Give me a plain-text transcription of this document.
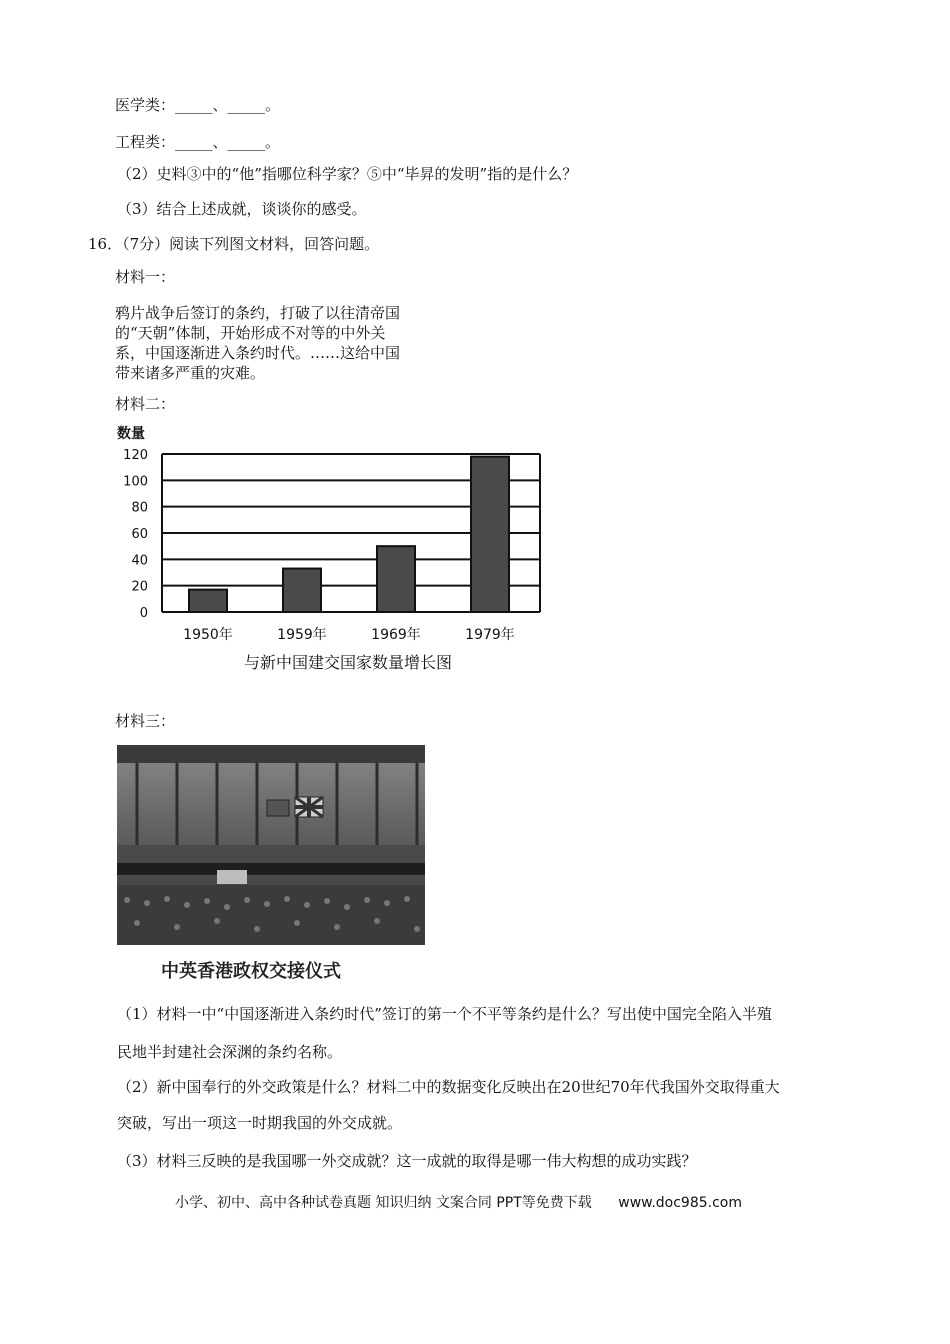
医学类：_____、_____。
工程类：_____、_____。
（2）史料③中的“他”指哪位科学家？⑤中“毕昇的发明”指的是什么？
（3）结合上述成就，谈谈你的感受。
16．（7分）阅读下列图文材料，回答问题。
材料一：
鸦片战争后签订的条约，打破了以往清帝国
的“天朝”体制，开始形成不对等的中外关
系，中国逐渐进入条约时代。……这给中国
带来诸多严重的灾难。
材料二：
数量
0
20
40
60
80
100
120
1950年	1959年	1969年	1979年
与新中国建交国家数量增长图
材料三：
中英香港政权交接仪式
（1）材料一中“中国逐渐进入条约时代”签订的第一个不平等条约是什么？写出使中国完全陷入半殖
民地半封建社会深渊的条约名称。
（2）新中国奉行的外交政策是什么？材料二中的数据变化反映出在20世纪70年代我国外交取得重大
突破，写出一项这一时期我国的外交成就。
（3）材料三反映的是我国哪一外交成就？这一成就的取得是哪一伟大构想的成功实践？
小学、初中、高中各种试卷真题 知识归纳 文案合同 PPT等免费下载 www.doc985.com
